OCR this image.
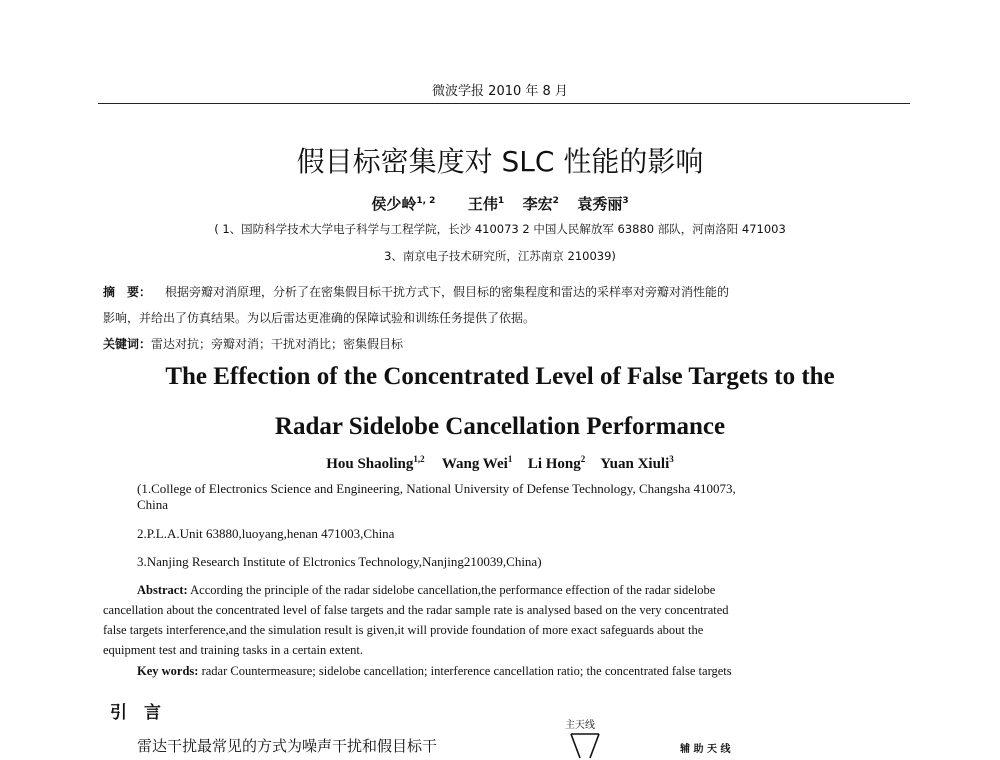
微波学报 2010 年 8 月
假目标密集度对 SLC 性能的影响
侯少岭$^{1, 2}$ 王伟$^1$ 李宏$^2$ 袁秀丽$^3$
( 1、国防科学技术大学电子科学与工程学院，长沙 410073 2 中国人民解放军 63880 部队，河南洛阳 471003
3、南京电子技术研究所，江苏南京 210039)
摘　要： 根据旁瓣对消原理，分析了在密集假目标干扰方式下，假目标的密集程度和雷达的采样率对旁瓣对消性能的
影响，并给出了仿真结果。为以后雷达更准确的保障试验和训练任务提供了依据。
关键词：雷达对抗；旁瓣对消；干扰对消比；密集假目标
The Effection of the Concentrated Level of False Targets to the
Radar Sidelobe Cancellation Performance
Hou Shaoling$^{1,2}$ Wang Wei$^1$ Li Hong$^2$ Yuan Xiuli$^3$
(1.College of Electronics Science and Engineering, National University of Defense Technology, Changsha 410073,
China
2.P.L.A.Unit 63880,luoyang,henan 471003,China
3.Nanjing Research Institute of Elctronics Technology,Nanjing210039,China)
Abstract: According the principle of the radar sidelobe cancellation,the performance effection of the radar sidelobe
cancellation about the concentrated level of false targets and the radar sample rate is analysed based on the very concentrated
false targets interference,and the simulation result is given,it will provide foundation of more exact safeguards about the
equipment test and training tasks in a certain extent.
Key words: radar Countermeasure; sidelobe cancellation; interference cancellation ratio; the concentrated false targets
引　言
雷达干扰最常见的方式为噪声干扰和假目标干
主天线
辅 助 天 线
